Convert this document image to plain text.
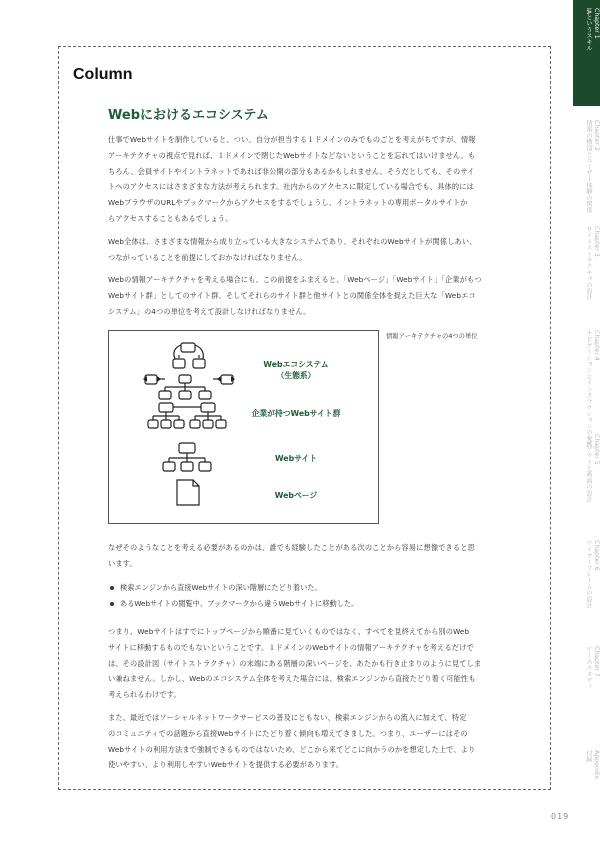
Column
Webにおけるエコシステム

仕事でWebサイトを制作していると、つい、自分が担当する１ドメインのみでものごとを考えがちですが、情報
アーキテクチャの視点で見れば、１ドメインで閉じたWebサイトなどないということを忘れてはいけません。も
ちろん、会員サイトやイントラネットであれば非公開の部分もあるかもしれません。そうだとしても、そのサイ
トへのアクセスにはさまざまな方法が考えられます。社内からのアクセスに限定している場合でも、具体的には
WebブラウザのURLやブックマークからアクセスをするでしょうし、イントラネットの専用ポータルサイトか
らアクセスすることもあるでしょう。

Web全体は、さまざまな情報から成り立っている大きなシステムであり、それぞれのWebサイトが関係しあい、
つながっていることを前提にしておかなければなりません。

Webの情報アーキテクチャを考える場合にも、この前提をふまえると、「Webページ」「Webサイト」「企業がもつ
Webサイト群」としてのサイト群、そしてそれらのサイト群と他サイトとの関係全体を捉えた巨大な「Webエコ
システム」の4つの単位を考えて設計しなければなりません。

Webエコシステム
（生態系）
企業が持つWebサイト群
Webサイト
Webページ
情報アーキテクチャの4つの単位

なぜそのようなことを考える必要があるのかは、誰でも経験したことがある次のことから容易に想像できると思
います。

検索エンジンから直接Webサイトの深い階層にたどり着いた。
あるWebサイトの閲覧中、ブックマークから違うWebサイトに移動した。

つまり、Webサイトはすでにトップページから順番に見ていくものではなく、すべてを見終えてから別のWeb
サイトに移動するものでもないということです。１ドメインのWebサイトの情報アーキテクチャを考えるだけで
は、その設計図（サイトストラクチャ）の末端にある階層の深いページを、あたかも行き止まりのように見てしま
い兼ねません。しかし、Webのエコシステム全体を考えた場合には、検索エンジンから直接たどり着く可能性も
考えられるわけです。

また、最近ではソーシャルネットワークサービスの普及にともない、検索エンジンからの流入に加えて、特定
のコミュニティでの話題から直接Webサイトにたどり着く傾向も増えてきました。つまり、ユーザーにはその
Webサイトの利用方法まで強制できるものではないため、どこから来てどこに向かうのかを想定した上で、より
使いやすい、より利用しやすいWebサイトを提供する必要があります。

019
Chapter 1
IAというスキル
Chapter 2
情報の構造とユーザー体験の関係
Chapter 3
サイトストラクチャの設計
Chapter 4
ナビゲーションとインタラクションの実践
Chapter 5
レイアウトと画面の設計
Chapter 6
ワイヤーフレームの設計
Chapter 7
ケーススタディ
Appendix
付録
